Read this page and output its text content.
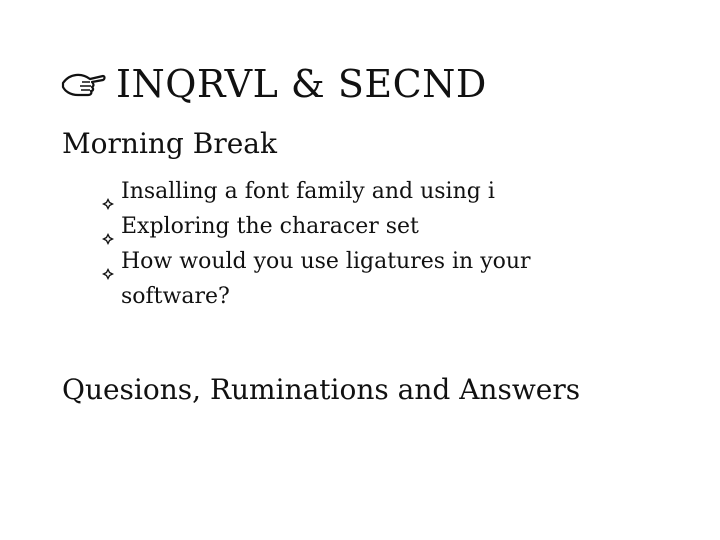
INQRVL & SECND
Morning Break
Insalling a font family and using i
Exploring the characer set
How would you use ligatures in your software?
Quesions, Ruminations and Answers
